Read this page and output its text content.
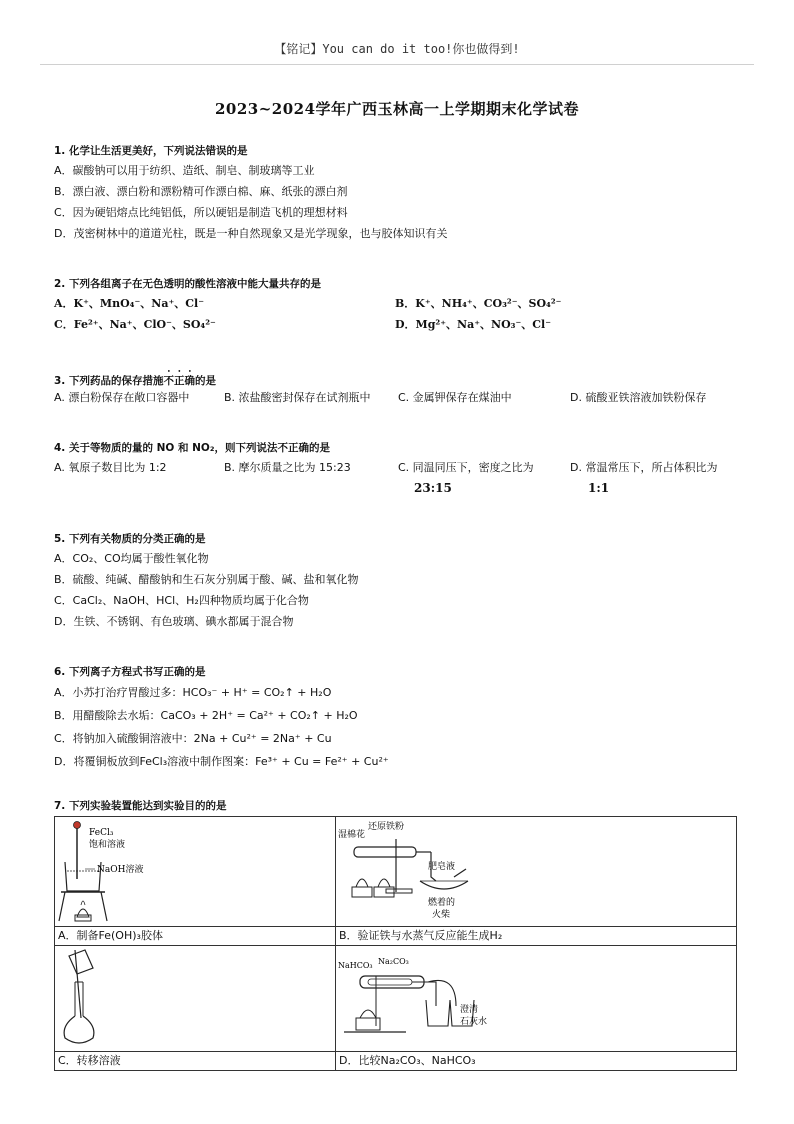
【铭记】You can do it too!你也做得到!
2023~2024学年广西玉林高一上学期期末化学试卷
1. 化学让生活更美好，下列说法错误的是
A．碳酸钠可以用于纺织、造纸、制皂、制玻璃等工业
B．漂白液、漂白粉和漂粉精可作漂白棉、麻、纸张的漂白剂
C．因为硬铝熔点比纯铝低，所以硬铝是制造飞机的理想材料
D．茂密树林中的道道光柱，既是一种自然现象又是光学现象，也与胶体知识有关
2. 下列各组离子在无色透明的酸性溶液中能大量共存的是
A．K⁺、MnO₄⁻、Na⁺、Cl⁻	B．K⁺、NH₄⁺、CO₃²⁻、SO₄²⁻
C．Fe²⁺、Na⁺、ClO⁻、SO₄²⁻	D．Mg²⁺、Na⁺、NO₃⁻、Cl⁻
3. 下列药品的保存措施不正确的是
A. 漂白粉保存在敞口容器中	B. 浓盐酸密封保存在试剂瓶中 C. 金属钾保存在煤油中	D. 硫酸亚铁溶液加铁粉保存
4. 关于等物质的量的 NO 和 NO₂，则下列说法不正确的是
A. 氧原子数目比为 1:2	B. 摩尔质量之比为 15:23	C. 同温同压下，密度之比为
23:15
D. 常温常压下，所占体积比为
1:1
5. 下列有关物质的分类正确的是
A．CO₂、CO均属于酸性氧化物
B．硫酸、纯碱、醋酸钠和生石灰分别属于酸、碱、盐和氧化物
C．CaCl₂、NaOH、HCl、H₂四种物质均属于化合物
D．生铁、不锈钢、有色玻璃、碘水都属于混合物
6. 下列离子方程式书写正确的是
A．小苏打治疗胃酸过多：HCO₃⁻ + H⁺ = CO₂↑ + H₂O
B．用醋酸除去水垢：CaCO₃ + 2H⁺ = Ca²⁺ + CO₂↑ + H₂O
C．将钠加入硫酸铜溶液中：2Na + Cu²⁺ = 2Na⁺ + Cu
D．将覆铜板放到FeCl₃溶液中制作图案：Fe³⁺ + Cu = Fe²⁺ + Cu²⁺
7. 下列实验装置能达到实验目的的是
FeCl₃
饱和溶液
NaOH溶液	湿棉花
还原铁粉
肥皂液
燃着的
火柴

A．制备Fe(OH)₃胶体	B．验证铁与水蒸气反应能生成H₂

NaHCO₃ Na₂CO₃
澄清
石灰水

C．转移溶液	D．比较Na₂CO₃、NaHCO₃
